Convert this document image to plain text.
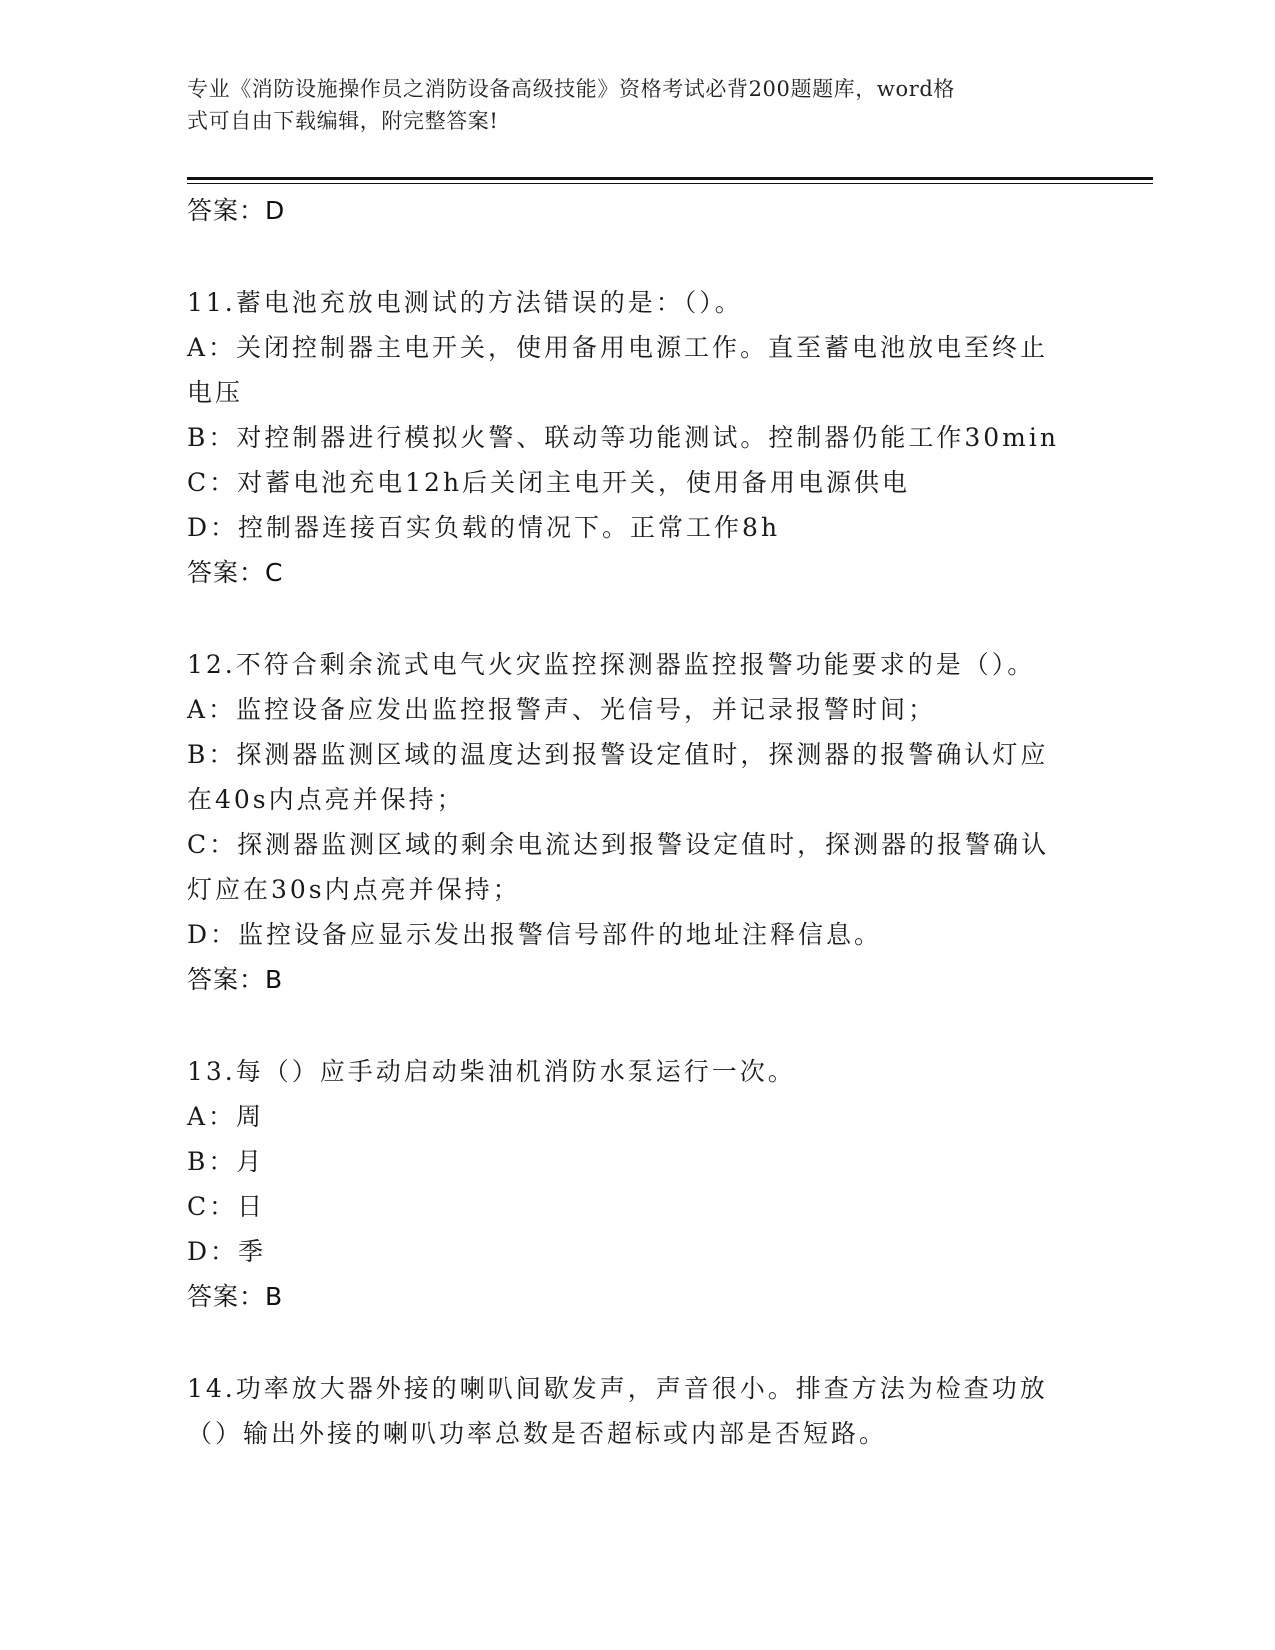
专业《消防设施操作员之消防设备高级技能》资格考试必背200题题库，word格
式可自由下载编辑，附完整答案!
答案：D
11.蓄电池充放电测试的方法错误的是：（）。
A：关闭控制器主电开关，使用备用电源工作。直至蓄电池放电至终止
电压
B：对控制器进行模拟火警、联动等功能测试。控制器仍能工作30min
C：对蓄电池充电12h后关闭主电开关，使用备用电源供电
D：控制器连接百实负载的情况下。正常工作8h
答案：C
12.不符合剩余流式电气火灾监控探测器监控报警功能要求的是（）。
A：监控设备应发出监控报警声、光信号，并记录报警时间；
B：探测器监测区域的温度达到报警设定值时，探测器的报警确认灯应
在40s内点亮并保持；
C：探测器监测区域的剩余电流达到报警设定值时，探测器的报警确认
灯应在30s内点亮并保持；
D：监控设备应显示发出报警信号部件的地址注释信息。
答案：B
13.每（）应手动启动柴油机消防水泵运行一次。
A：周
B：月
C：日
D：季
答案：B
14.功率放大器外接的喇叭间歇发声，声音很小。排查方法为检查功放
（）输出外接的喇叭功率总数是否超标或内部是否短路。
